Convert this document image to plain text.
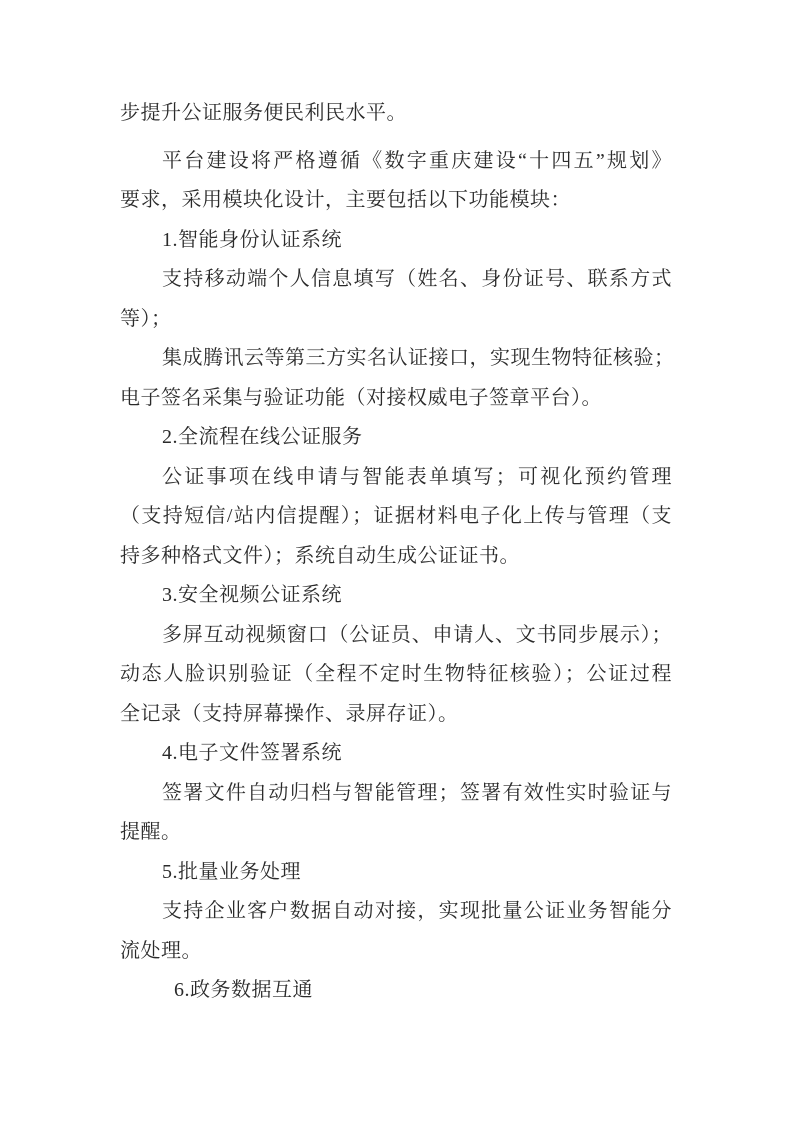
步提升公证服务便民利民水平。
平台建设将严格遵循《数字重庆建设“十四五”规划》
要求，采用模块化设计，主要包括以下功能模块：
1.智能身份认证系统
支持移动端个人信息填写（姓名、身份证号、联系方式
等）；
集成腾讯云等第三方实名认证接口，实现生物特征核验；
电子签名采集与验证功能（对接权威电子签章平台）。
2.全流程在线公证服务
公证事项在线申请与智能表单填写；可视化预约管理
（支持短信/站内信提醒）；证据材料电子化上传与管理（支
持多种格式文件）；系统自动生成公证证书。
3.安全视频公证系统
多屏互动视频窗口（公证员、申请人、文书同步展示）；
动态人脸识别验证（全程不定时生物特征核验）；公证过程
全记录（支持屏幕操作、录屏存证）。
4.电子文件签署系统
签署文件自动归档与智能管理；签署有效性实时验证与
提醒。
5.批量业务处理
支持企业客户数据自动对接，实现批量公证业务智能分
流处理。
6.政务数据互通
